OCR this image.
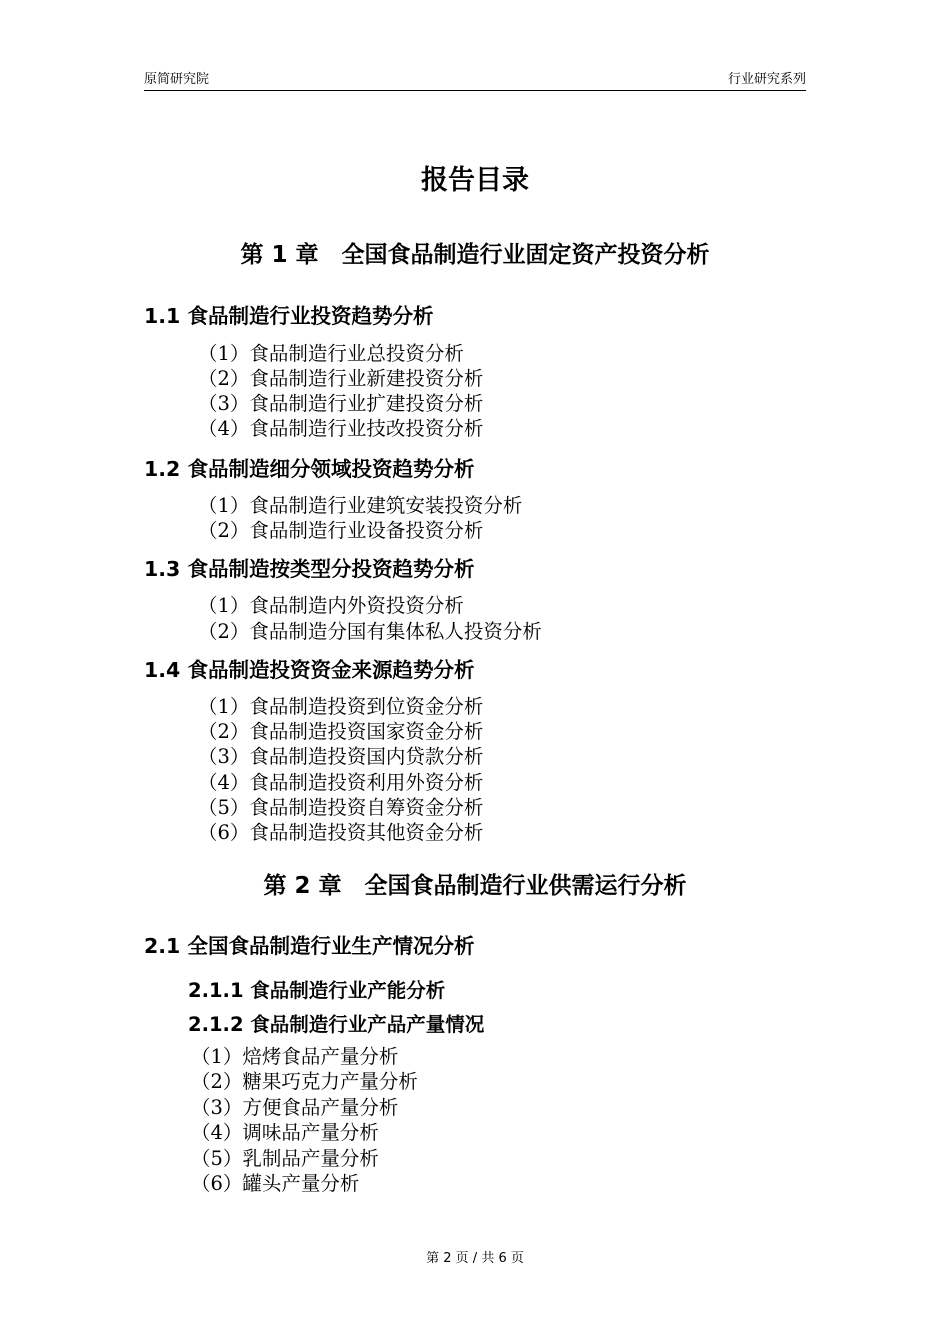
原简研究院	行业研究系列
报告目录
第 1 章　全国食品制造行业固定资产投资分析
1.1 食品制造行业投资趋势分析
（1）食品制造行业总投资分析
（2）食品制造行业新建投资分析
（3）食品制造行业扩建投资分析
（4）食品制造行业技改投资分析
1.2 食品制造细分领域投资趋势分析
（1）食品制造行业建筑安装投资分析
（2）食品制造行业设备投资分析
1.3 食品制造按类型分投资趋势分析
（1）食品制造内外资投资分析
（2）食品制造分国有集体私人投资分析
1.4 食品制造投资资金来源趋势分析
（1）食品制造投资到位资金分析
（2）食品制造投资国家资金分析
（3）食品制造投资国内贷款分析
（4）食品制造投资利用外资分析
（5）食品制造投资自筹资金分析
（6）食品制造投资其他资金分析
第 2 章　全国食品制造行业供需运行分析
2.1 全国食品制造行业生产情况分析
2.1.1 食品制造行业产能分析
2.1.2 食品制造行业产品产量情况
（1）焙烤食品产量分析
（2）糖果巧克力产量分析
（3）方便食品产量分析
（4）调味品产量分析
（5）乳制品产量分析
（6）罐头产量分析
第 2 页 / 共 6 页
